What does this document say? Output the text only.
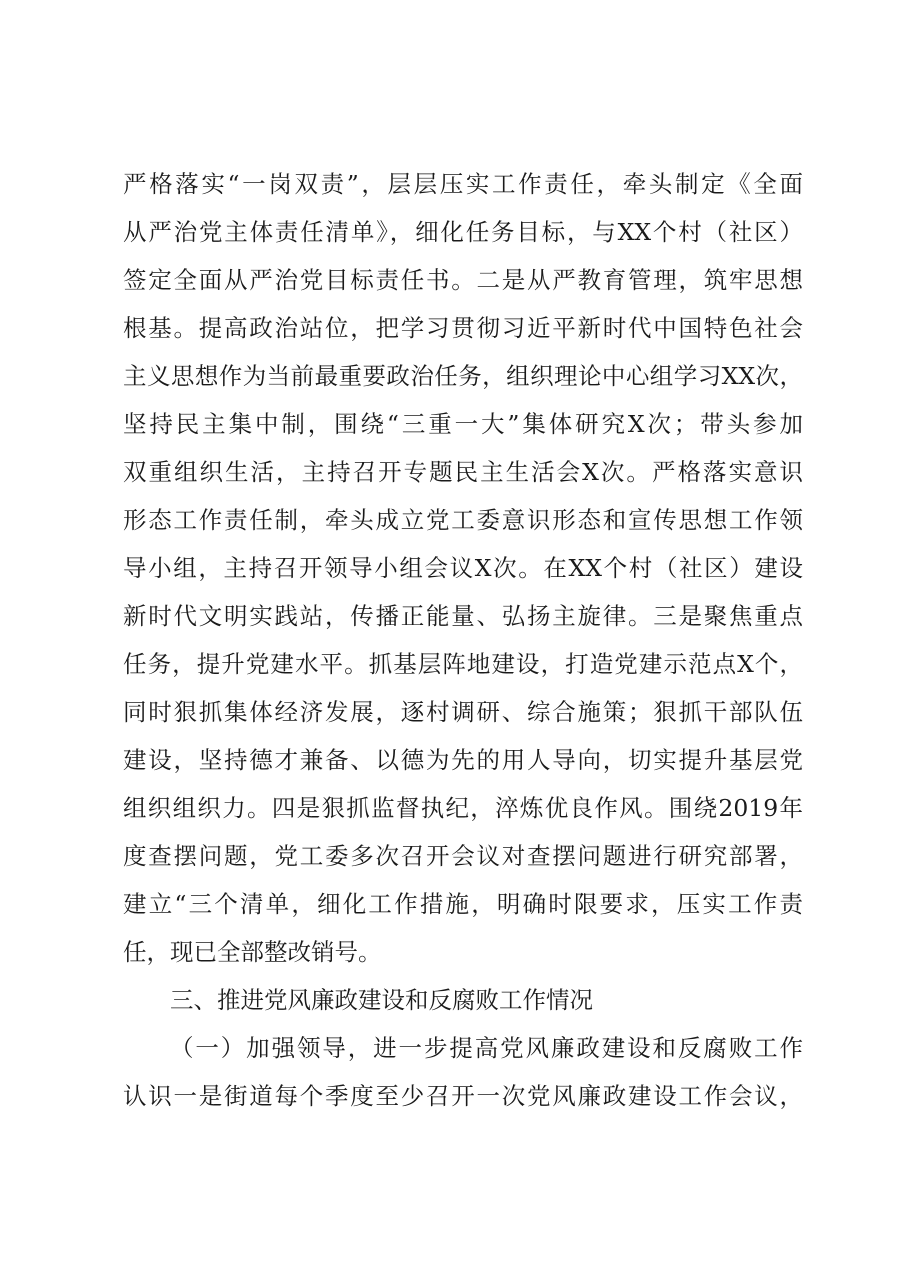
严格落实“一岗双责”，层层压实工作责任，牵头制定《全面
从严治党主体责任清单》，细化任务目标，与XX个村（社区）
签定全面从严治党目标责任书。二是从严教育管理，筑牢思想
根基。提高政治站位，把学习贯彻习近平新时代中国特色社会
主义思想作为当前最重要政治任务，组织理论中心组学习XX次，
坚持民主集中制，围绕“三重一大”集体研究X次；带头参加
双重组织生活，主持召开专题民主生活会X次。严格落实意识
形态工作责任制，牵头成立党工委意识形态和宣传思想工作领
导小组，主持召开领导小组会议X次。在XX个村（社区）建设
新时代文明实践站，传播正能量、弘扬主旋律。三是聚焦重点
任务，提升党建水平。抓基层阵地建设，打造党建示范点X个，
同时狠抓集体经济发展，逐村调研、综合施策；狠抓干部队伍
建设，坚持德才兼备、以德为先的用人导向，切实提升基层党
组织组织力。四是狠抓监督执纪，淬炼优良作风。围绕2019年
度查摆问题，党工委多次召开会议对查摆问题进行研究部署，
建立“三个清单，细化工作措施，明确时限要求，压实工作责
任，现已全部整改销号。
三、推进党风廉政建设和反腐败工作情况
（一）加强领导，进一步提高党风廉政建设和反腐败工作
认识一是街道每个季度至少召开一次党风廉政建设工作会议，
